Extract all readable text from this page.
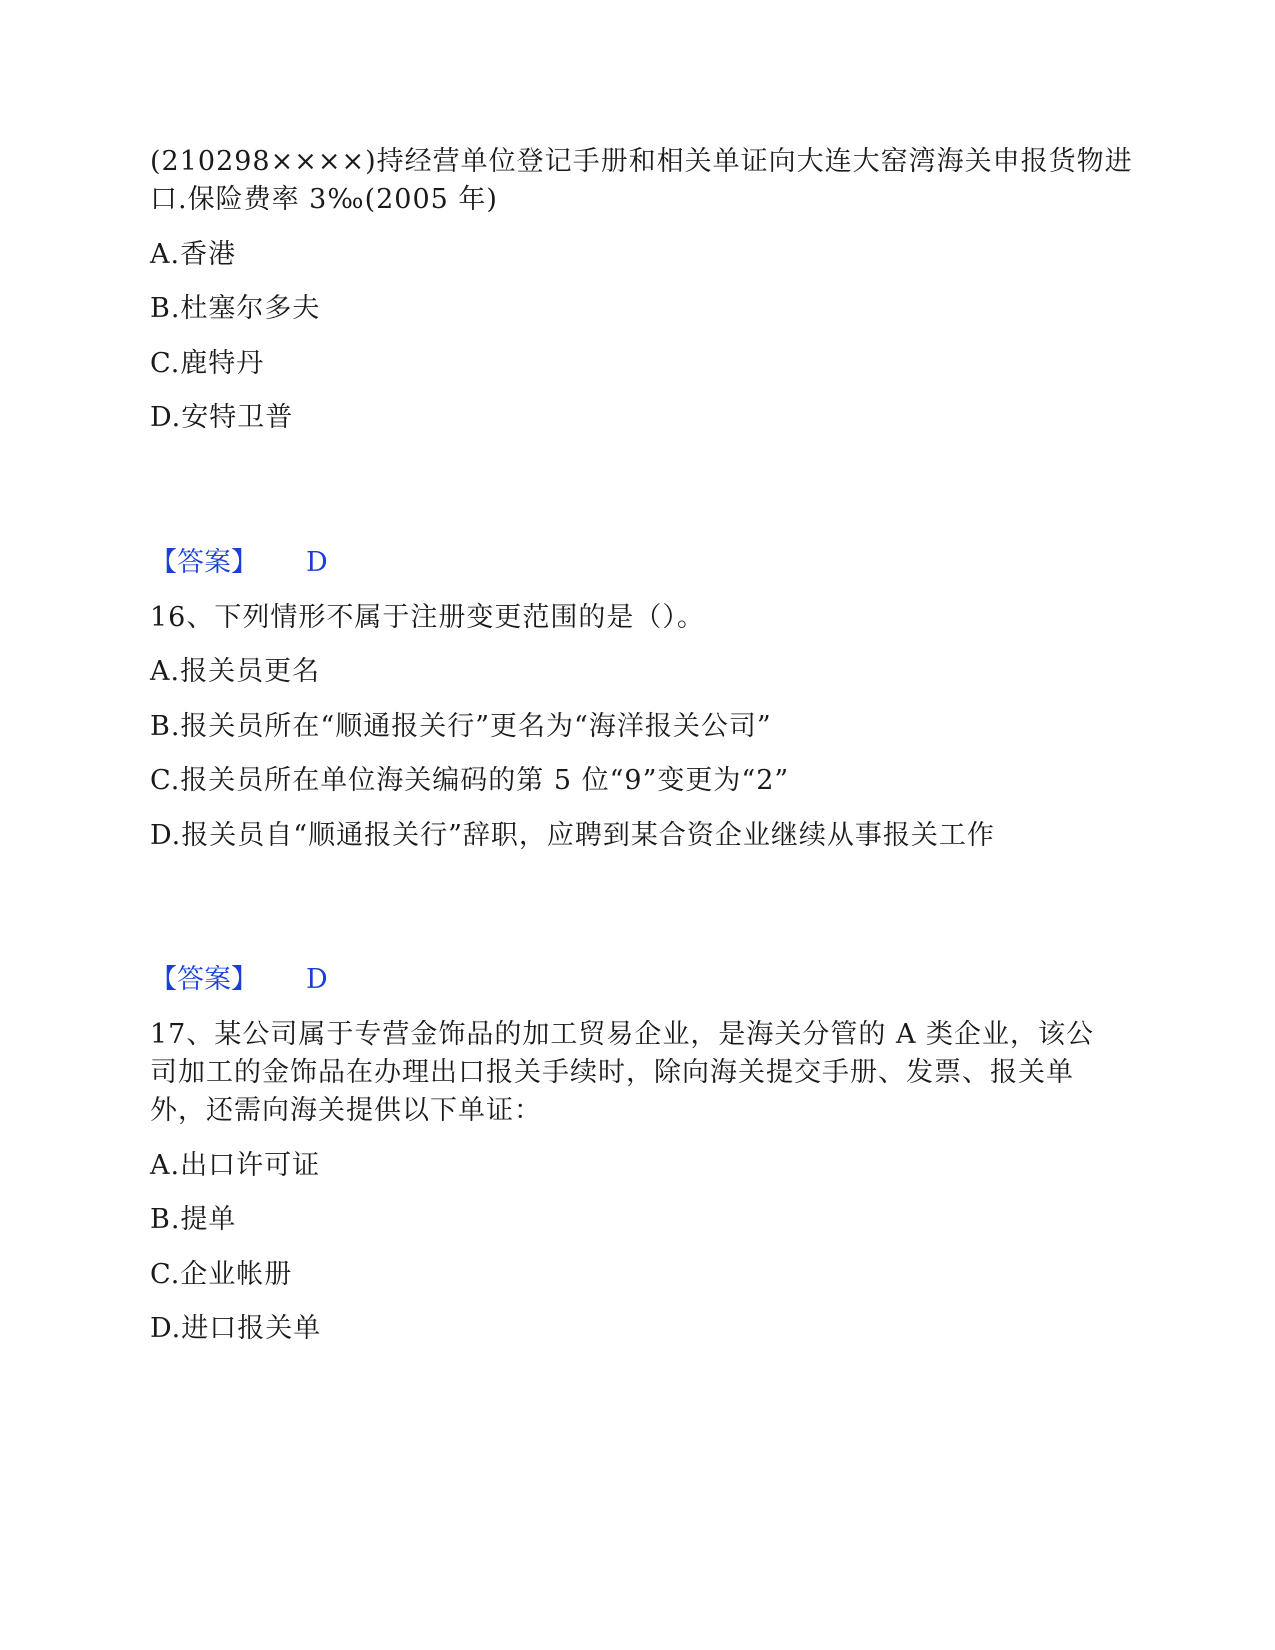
(210298××××)持经营单位登记手册和相关单证向大连大窑湾海关申报货物进
口.保险费率 3‰(2005 年)
A.香港
B.杜塞尔多夫
C.鹿特丹
D.安特卫普
【答案】 D
16、下列情形不属于注册变更范围的是（）。
A.报关员更名
B.报关员所在“顺通报关行”更名为“海洋报关公司”
C.报关员所在单位海关编码的第 5 位“9”变更为“2”
D.报关员自“顺通报关行”辞职，应聘到某合资企业继续从事报关工作
【答案】 D
17、某公司属于专营金饰品的加工贸易企业，是海关分管的 A 类企业，该公
司加工的金饰品在办理出口报关手续时，除向海关提交手册、发票、报关单
外，还需向海关提供以下单证：
A.出口许可证
B.提单
C.企业帐册
D.进口报关单
